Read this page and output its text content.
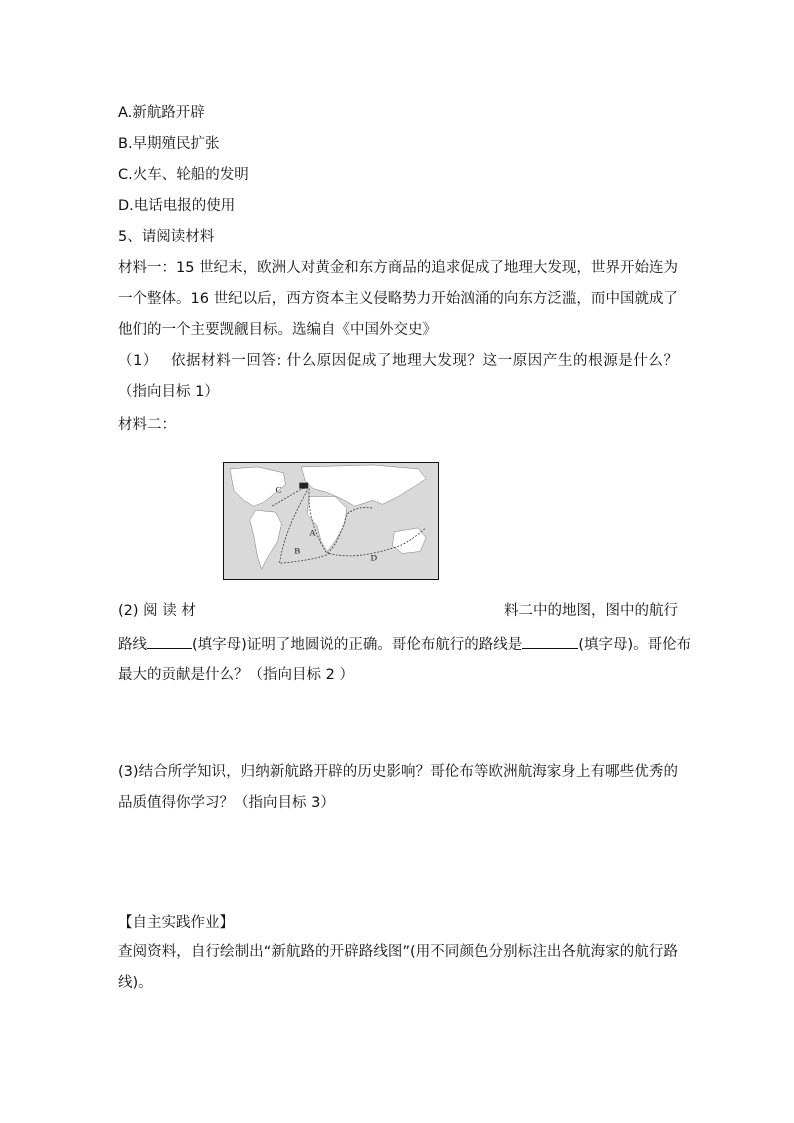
A.新航路开辟
B.早期殖民扩张
C.火车、轮船的发明
D.电话电报的使用
5、请阅读材料
材料一：15 世纪末，欧洲人对黄金和东方商品的追求促成了地理大发现，世界开始连为一个整体。16 世纪以后，西方资本主义侵略势力开始汹涌的向东方泛滥，而中国就成了他们的一个主要觊觎目标。选编自《中国外交史》
（1）　 依据材料一回答: 什么原因促成了地理大发现？这一原因产生的根源是什么？（指向目标 1）
材料二：
C
A
B
D
(2) 阅 读 材	料二中的地图，图中的航行
路线	(填字母)证明了地圆说的正确。哥伦布航行的路线是	(填字母)。哥伦布
最大的贡献是什么？（指向目标 2 ）
(3)结合所学知识，归纳新航路开辟的历史影响？哥伦布等欧洲航海家身上有哪些优秀的品质值得你学习？（指向目标 3）
【自主实践作业】
查阅资料，自行绘制出“新航路的开辟路线图”(用不同颜色分别标注出各航海家的航行路线)。
